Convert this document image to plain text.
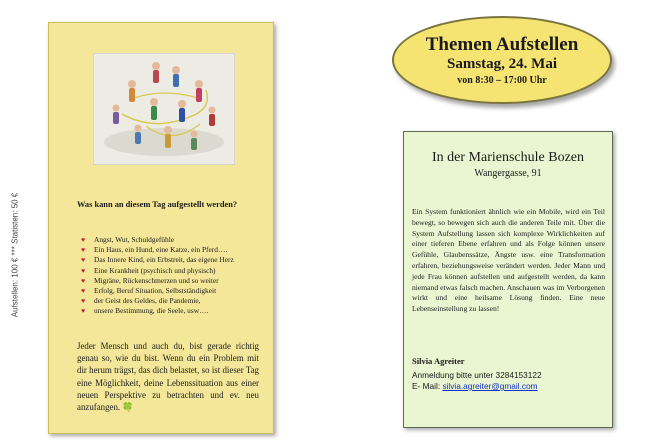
Aufstellen: 100 € *** Statisten: 50 €	Was kann an diesem Tag aufgestellt werden?
♥ Angst, Wut, Schuldgefühle
♥ Ein Haus, ein Hund, eine Katze, ein Pferd….
♥ Das Innere Kind, ein Erbstreit, das eigene Herz
♥ Eine Krankheit (psychisch und physisch)
♥ Migräne, Rückenschmerzen und so weiter
♥ Erfolg, Beruf Situation, Selbstständigkeit
♥ der Geist des Geldes, die Pandemie,
♥ unsere Bestimmung, die Seele, usw….
Jeder Mensch und auch du, bist gerade richtig genau so, wie du bist. Wenn du ein Problem mit dir herum trägst, das dich belastet, so ist dieser Tag eine Möglichkeit, deine Lebenssituation aus einer neuen Perspektive zu betrachten und ev. neu anzufangen. 🍀
Themen Aufstellen
Samstag, 24. Mai
von 8:30 – 17:00 Uhr
In der Marienschule Bozen
Wangergasse, 91
Ein System funktioniert ähnlich wie ein Mobile, wird ein Teil bewegt, so bewegen sich auch die anderen Teile mit. Über die System Aufstellung lassen sich komplexe Wirklichkeiten auf einer tieferen Ebene erfahren und als Folge können unsere Gefühle, Glaubenssätze, Ängste usw. eine Transformation erfahren, beziehungsweise verändert werden. Jeder Mann und jede Frau können aufstellen und aufgestellt werden, da kann niemand etwas falsch machen. Anschauen was im Verborgenen wirkt und eine heilsame Lösung finden. Eine neue Lebenseinstellung zu lassen!
Silvia Agreiter
Anmeldung bitte unter 3284153122
E- Mail: silvia.agreiter@gmail.com
